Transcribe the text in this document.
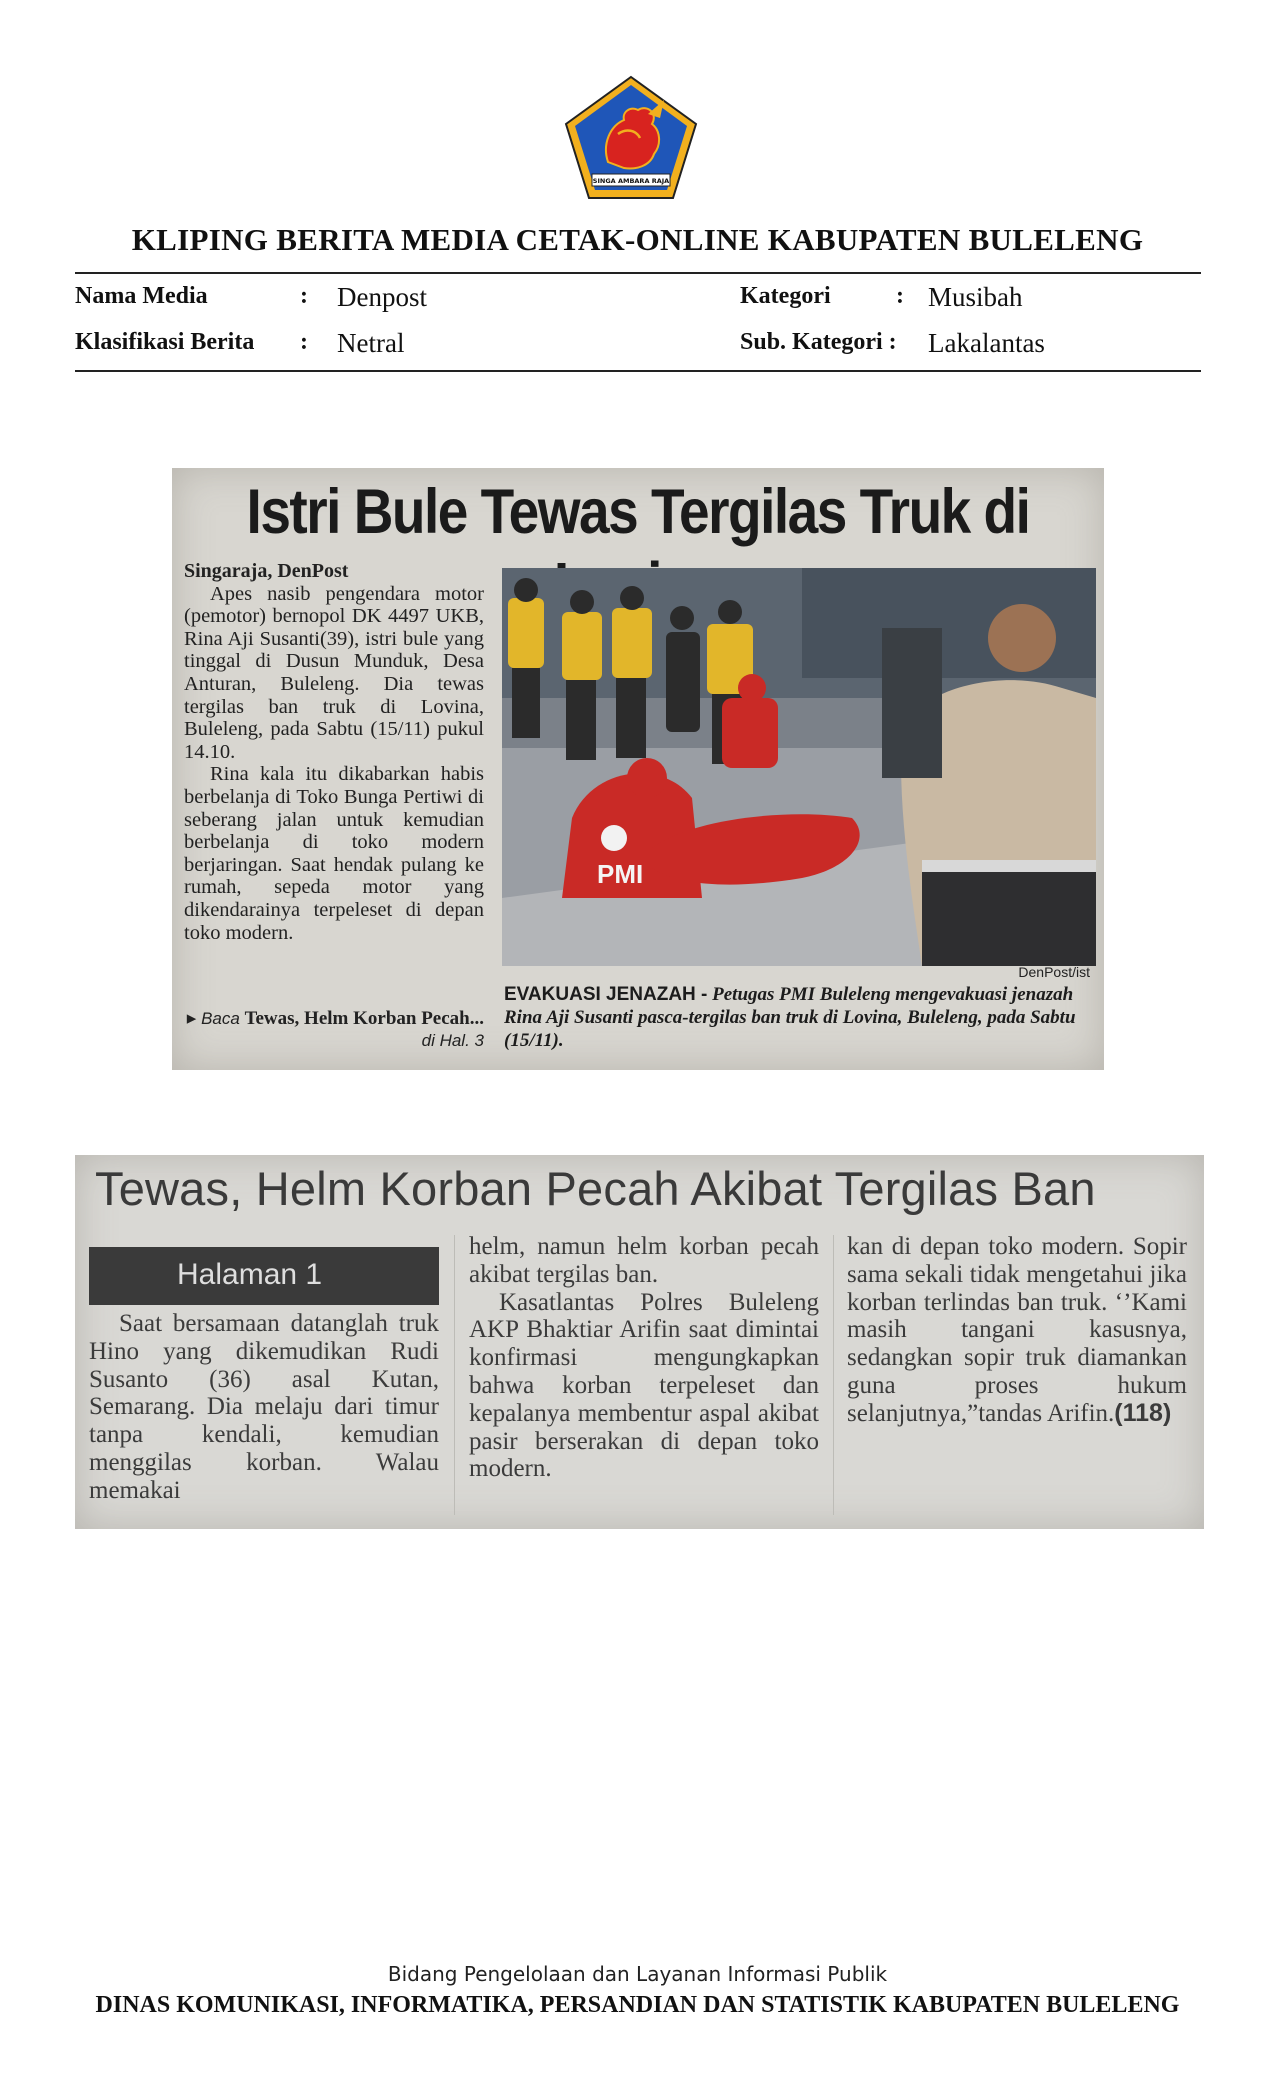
SINGA AMBARA RAJA
KLIPING BERITA MEDIA CETAK-ONLINE KABUPATEN BULELENG
Nama Media	: Denpost
Klasifikasi Berita : Netral
Kategori	: Musibah
Sub. Kategori : Lakalantas
Istri Bule Tewas Tergilas Truk di
Singaraja, DenPost

Apes nasib pengendara motor (pemotor) bernopol DK 4497 UKB, Rina Aji Susanti(39), istri bule yang tinggal di Dusun Munduk, Desa Anturan, Buleleng. Dia tewas tergilas ban truk di Lovina, Buleleng, pada Sabtu (15/11) pukul 14.10.

Rina kala itu dikabarkan habis berbelanja di Toko Bunga Pertiwi di seberang jalan untuk kemudian berbelanja di toko modern berjaringan. Saat hendak pulang ke rumah, sepeda motor yang dikendarainya terpeleset di depan toko modern.

▸ Baca Tewas, Helm Korban Pecah... di Hal. 3
PMI
DenPost/ist
EVAKUASI JENAZAH - Petugas PMI Buleleng mengevakuasi jenazah Rina Aji Susanti pasca-tergilas ban truk di Lovina, Buleleng, pada Sabtu (15/11).
Tewas, Helm Korban Pecah Akibat Tergilas Ban
Halaman 1

Saat bersamaan datanglah truk Hino yang dikemudikan Rudi Susanto (36) asal Kutan, Semarang. Dia melaju dari timur tanpa kendali, kemudian menggilas korban. Walau memakai

helm, namun helm korban pecah akibat tergilas ban.

Kasatlantas Polres Buleleng AKP Bhaktiar Arifin saat dimintai konfirmasi mengungkapkan bahwa korban terpeleset dan kepalanya membentur aspal akibat pasir berserakan di depan toko modern.

kan di depan toko modern. Sopir sama sekali tidak mengetahui jika korban terlindas ban truk. ‘’Kami masih tangani kasusnya, sedangkan sopir truk diamankan guna proses hukum selanjutnya,”tandas Arifin.(118)

Bidang Pengelolaan dan Layanan Informasi Publik
DINAS KOMUNIKASI, INFORMATIKA, PERSANDIAN DAN STATISTIK KABUPATEN BULELENG
